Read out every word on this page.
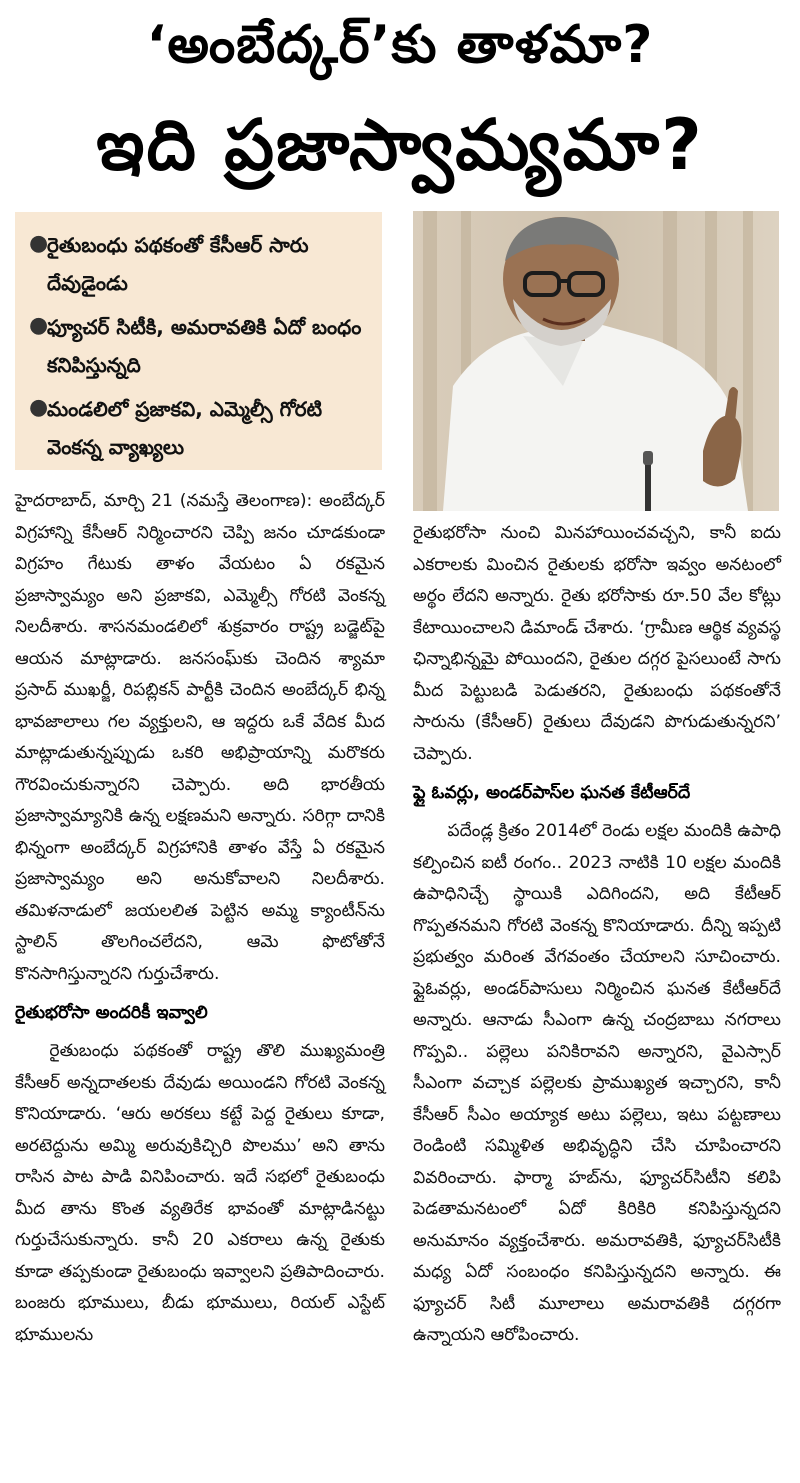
‘అంబేద్కర్’కు తాళమా?
ఇది ప్రజాస్వామ్యమా?
●
రైతుబంధు పథకంతో కేసీఆర్‌ సారు దేవుడైండు
●
ఫ్యూచర్‌ సిటీకి, అమరావతికి ఏదో బంధం కనిపిస్తున్నది
●
మండలిలో ప్రజాకవి, ఎమ్మెల్సీ గోరటి వెంకన్న వ్యాఖ్యలు

హైదరాబాద్‌, మార్చి 21 (నమస్తే తెలంగాణ): అంబేద్కర్‌ విగ్రహాన్ని కేసీఆర్‌ నిర్మించారని చెప్పి జనం చూడకుండా విగ్రహం గేటుకు తాళం వేయటం ఏ రకమైన ప్రజాస్వామ్యం అని ప్రజాకవి, ఎమ్మెల్సీ గోరటి వెంకన్న నిలదీశారు. శాసనమండలిలో శుక్రవారం రాష్ట్ర బడ్జెట్‌పై ఆయన మాట్లాడారు. జనసంఘ్‌కు చెందిన శ్యామా ప్రసాద్‌ ముఖర్జీ, రిపబ్లికన్‌ పార్టీకి చెందిన అంబేద్కర్‌ భిన్న భావజాలాలు గల వ్యక్తులని, ఆ ఇద్దరు ఒకే వేదిక మీద మాట్లాడుతున్నప్పుడు ఒకరి అభిప్రాయాన్ని మరొకరు గౌరవించుకున్నారని చెప్పారు. అది భారతీయ ప్రజాస్వామ్యానికి ఉన్న లక్షణమని అన్నారు. సరిగ్గా దానికి భిన్నంగా అంబేద్కర్‌ విగ్రహానికి తాళం వేస్తే ఏ రకమైన ప్రజాస్వామ్యం అని అనుకోవాలని నిలదీశారు. తమిళనాడులో జయలలిత పెట్టిన అమ్మ క్యాంటీన్‌ను స్టాలిన్‌ తొలగించలేదని, ఆమె ఫొటోతోనే కొనసాగిస్తున్నారని గుర్తుచేశారు.

రైతుభరోసా అందరికీ ఇవ్వాలి

రైతుబంధు పథకంతో రాష్ట్ర తొలి ముఖ్యమంత్రి కేసీఆర్‌ అన్నదాతలకు దేవుడు అయిండని గోరటి వెంకన్న కొనియాడారు. ‘ఆరు అరకలు కట్టే పెద్ద రైతులు కూడా, అరటెద్దును అమ్మి అరువుకిచ్చిరి పొలము’ అని తాను రాసిన పాట పాడి వినిపించారు. ఇదే సభలో రైతుబంధు మీద తాను కొంత వ్యతిరేక భావంతో మాట్లాడినట్టు గుర్తుచేసుకున్నారు. కానీ 20 ఎకరాలు ఉన్న రైతుకు కూడా తప్పకుండా రైతుబంధు ఇవ్వాలని ప్రతిపాదించారు. బంజరు భూములు, బీడు భూములు, రియల్‌ ఎస్టేట్‌ భూములను

రైతుభరోసా నుంచి మినహాయించవచ్చని, కానీ ఐదు ఎకరాలకు మించిన రైతులకు భరోసా ఇవ్వం అనటంలో అర్థం లేదని అన్నారు. రైతు భరోసాకు రూ.50 వేల కోట్లు కేటాయించాలని డిమాండ్‌ చేశారు. ‘గ్రామీణ ఆర్థిక వ్యవస్థ ఛిన్నాభిన్నమై పోయిందని, రైతుల దగ్గర పైసలుంటే సాగు మీద పెట్టుబడి పెడుతరని, రైతుబంధు పథకంతోనే సారును (కేసీఆర్‌) రైతులు దేవుడని పొగుడుతున్నరని’ చెప్పారు.

ఫ్లై ఓవర్లు, అండర్‌పాస్‌ల ఘనత కేటీఆర్‌దే

పదేండ్ల క్రితం 2014లో రెండు లక్షల మందికి ఉపాధి కల్పించిన ఐటీ రంగం.. 2023 నాటికి 10 లక్షల మందికి ఉపాధినిచ్చే స్థాయికి ఎదిగిందని, అది కేటీఆర్‌ గొప్పతనమని గోరటి వెంకన్న కొనియాడారు. దీన్ని ఇప్పటి ప్రభుత్వం మరింత వేగవంతం చేయాలని సూచించారు. ఫ్లైఓవర్లు, అండర్‌పాసులు నిర్మించిన ఘనత కేటీఆర్‌దే అన్నారు. ఆనాడు సీఎంగా ఉన్న చంద్రబాబు నగరాలు గొప్పవి.. పల్లెలు పనికిరావని అన్నారని, వైఎస్సార్‌ సీఎంగా వచ్చాక పల్లెలకు ప్రాముఖ్యత ఇచ్చారని, కానీ కేసీఆర్‌ సీఎం అయ్యాక అటు పల్లెలు, ఇటు పట్టణాలు రెండింటి సమ్మిళిత అభివృద్ధిని చేసి చూపించారని వివరించారు. ఫార్మా హబ్‌ను, ఫ్యూచర్‌సిటీని కలిపి పెడతామనటంలో ఏదో కిరికిరి కనిపిస్తున్నదని అనుమానం వ్యక్తంచేశారు. అమరావతికి, ఫ్యూచర్‌సిటీకి మధ్య ఏదో సంబంధం కనిపిస్తున్నదని అన్నారు. ఈ ఫ్యూచర్‌ సిటీ మూలాలు అమరావతికి దగ్గరగా ఉన్నాయని ఆరోపించారు.
